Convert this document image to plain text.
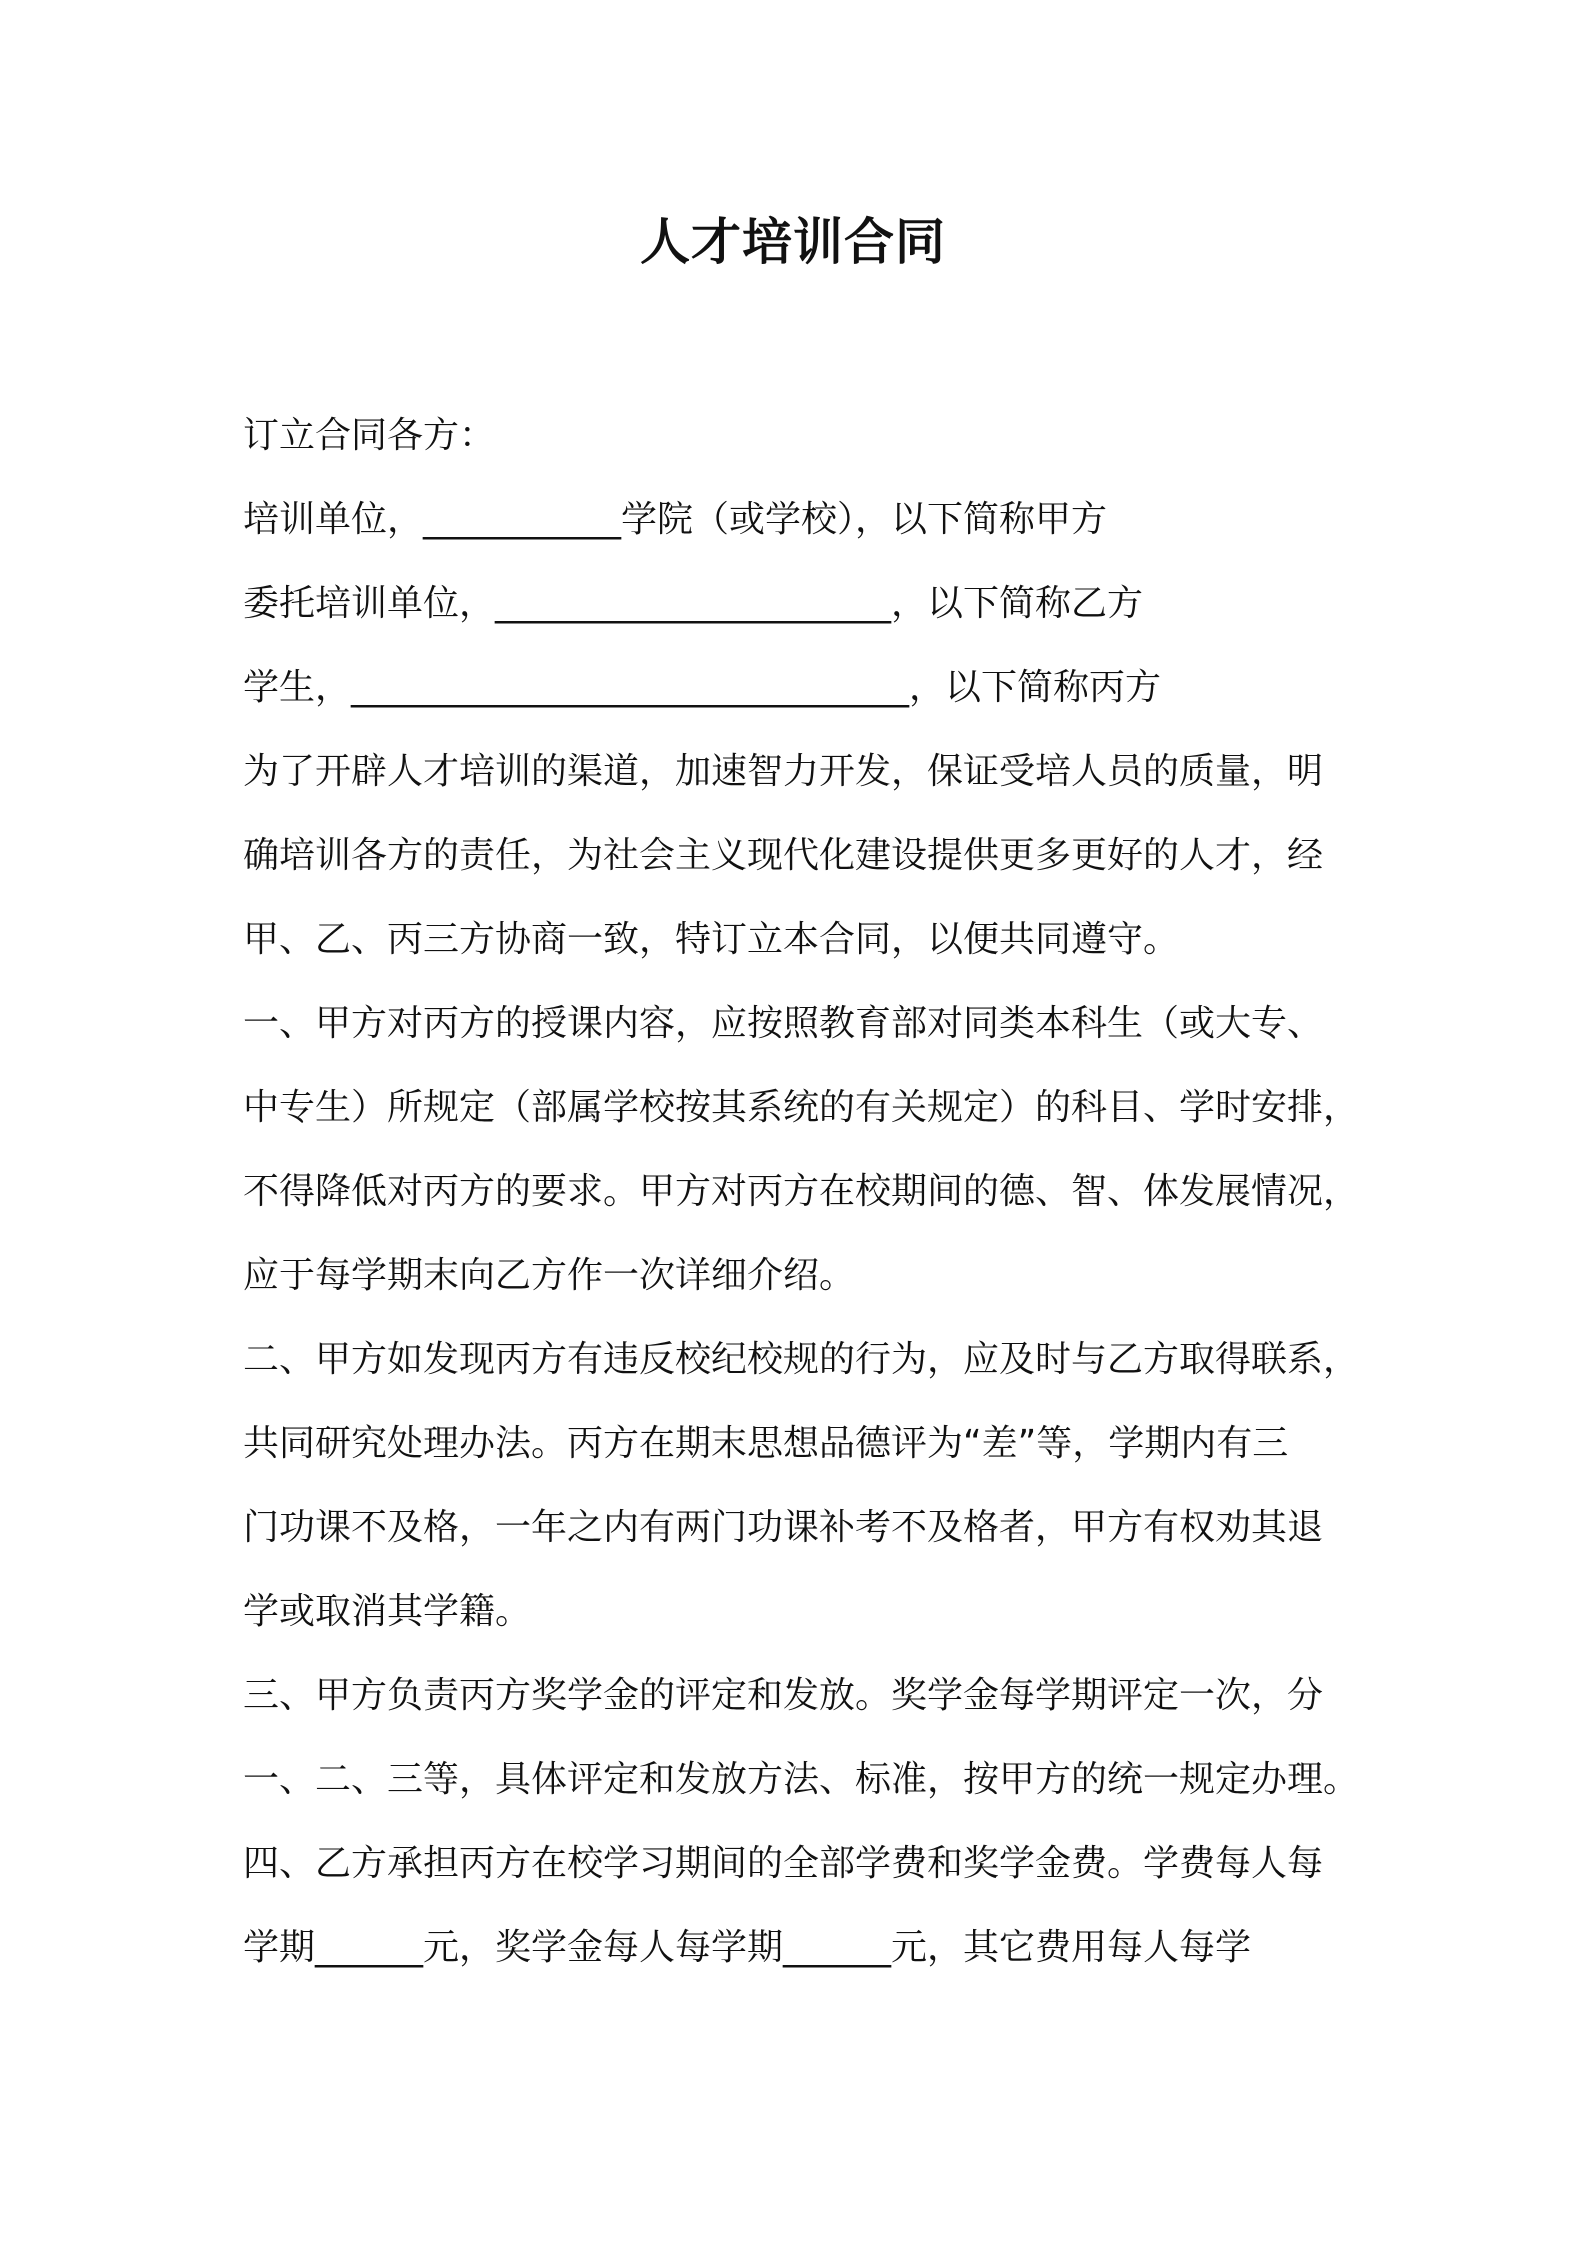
人才培训合同
订立合同各方：
培训单位，___________学院（或学校），以下简称甲方
委托培训单位，______________________，以下简称乙方
学生，_______________________________，以下简称丙方
为了开辟人才培训的渠道，加速智力开发，保证受培人员的质量，明
确培训各方的责任，为社会主义现代化建设提供更多更好的人才，经
甲、乙、丙三方协商一致，特订立本合同，以便共同遵守。
一、甲方对丙方的授课内容，应按照教育部对同类本科生（或大专、
中专生）所规定（部属学校按其系统的有关规定）的科目、学时安排，
不得降低对丙方的要求。甲方对丙方在校期间的德、智、体发展情况，
应于每学期末向乙方作一次详细介绍。
二、甲方如发现丙方有违反校纪校规的行为，应及时与乙方取得联系，
共同研究处理办法。丙方在期末思想品德评为“差”等，学期内有三
门功课不及格，一年之内有两门功课补考不及格者，甲方有权劝其退
学或取消其学籍。
三、甲方负责丙方奖学金的评定和发放。奖学金每学期评定一次，分
一、二、三等，具体评定和发放方法、标准，按甲方的统一规定办理。
四、乙方承担丙方在校学习期间的全部学费和奖学金费。学费每人每
学期______元，奖学金每人每学期______元，其它费用每人每学
